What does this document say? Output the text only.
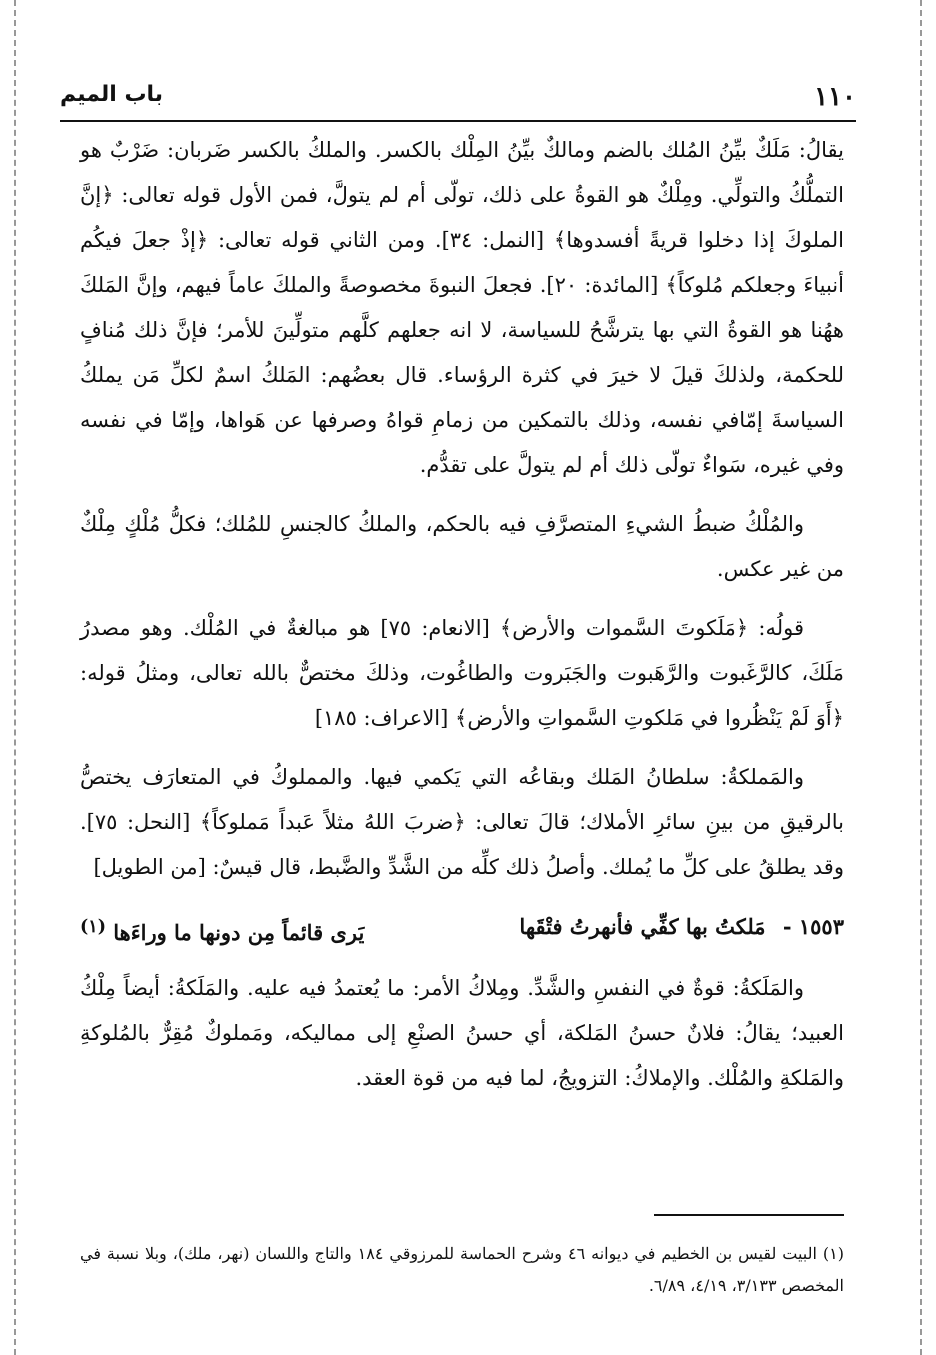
١١٠
باب الميم

يقالُ: مَلَكٌ بيِّنُ المُلك بالضم ومالكٌ بيِّنُ المِلْك بالكسر. والملكُ بالكسر ضَربان: ضَرْبٌ هو التملُّكُ والتولِّي. ومِلْكٌ هو القوةُ على ذلك، تولّى أم لم يتولَّ، فمن الأول قوله تعالى: ﴿إنَّ الملوكَ إذا دخلوا قريةً أفسدوها﴾ [النمل: ٣٤]. ومن الثاني قوله تعالى: ﴿إذْ جعلَ فيكُم أنبياءَ وجعلكم مُلوكاً﴾ [المائدة: ٢٠]. فجعلَ النبوةَ مخصوصةً والملكَ عاماً فيهم، وإنَّ المَلكَ ههُنا هو القوةُ التي بها يترشَّحُ للسياسة، لا انه جعلهم كلَّهم متولِّينَ للأمر؛ فإنَّ ذلك مُنافٍ للحكمة، ولذلكَ قيلَ لا خيرَ في كثرة الرؤساء. قال بعضُهم: المَلكُ اسمٌ لكلِّ مَن يملكُ السياسةَ إمّافي نفسه، وذلك بالتمكين من زمامِ قواهُ وصرفها عن هَواها، وإمّا في نفسه وفي غيره، سَواءٌ تولّى ذلك أم لم يتولَّ على تقدُّم.

والمُلْكُ ضبطُ الشيءِ المتصرَّفِ فيه بالحكم، والملكُ كالجنسِ للمُلك؛ فكلُّ مُلْكٍ مِلْكٌ من غير عكس.

قولُه: ﴿مَلَكوتَ السَّموات والأرض﴾ [الانعام: ٧٥] هو مبالغةٌ في المُلْك. وهو مصدرُ مَلَكَ، كالرَّغَبوت والرَّهَبوت والجَبَروت والطاغُوت، وذلكَ مختصٌّ بالله تعالى، ومثلُ قوله: ﴿أَوَ لَمْ يَنْظُروا في مَلكوتِ السَّمواتِ والأرض﴾ [الاعراف: ١٨٥]

والمَملكةُ: سلطانُ المَلك وبقاعُه التي يَكمي فيها. والمملوكُ في المتعارَف يختصُّ بالرقيقِ من بينِ سائرِ الأملاك؛ قالَ تعالى: ﴿ضربَ اللهُ مثلاً عَبداً مَملوكاً﴾ [النحل: ٧٥]. وقد يطلقُ على كلِّ ما يُملك. وأصلُ ذلك كلِّه من الشَّدِّ والضَّبط، قال قيسٌ: [من الطويل]

١٥٥٣ - مَلكتُ بها كفِّي فأنهرتُ فتْقَها
يَرى قائماً مِن دونها ما وراءَها $^{(١)}$

والمَلَكةُ: قوةٌ في النفسِ والشَّدِّ. ومِلاكُ الأمر: ما يُعتمدُ فيه عليه. والمَلَكةُ: أيضاً مِلْكُ العبيد؛ يقالُ: فلانٌ حسنُ المَلكة، أي حسنُ الصنْعِ إلى مماليكه، ومَملوكٌ مُقِرٌّ بالمُلوكةِ والمَلكةِ والمُلْك. والإملاكُ: التزويجُ، لما فيه من قوة العقد.

(١) البيت لقيس بن الخطيم في ديوانه ٤٦ وشرح الحماسة للمرزوقي ١٨٤ والتاج واللسان (نهر، ملك)، وبلا نسبة في المخصص ٣/١٣٣، ٤/١٩، ٦/٨٩.
